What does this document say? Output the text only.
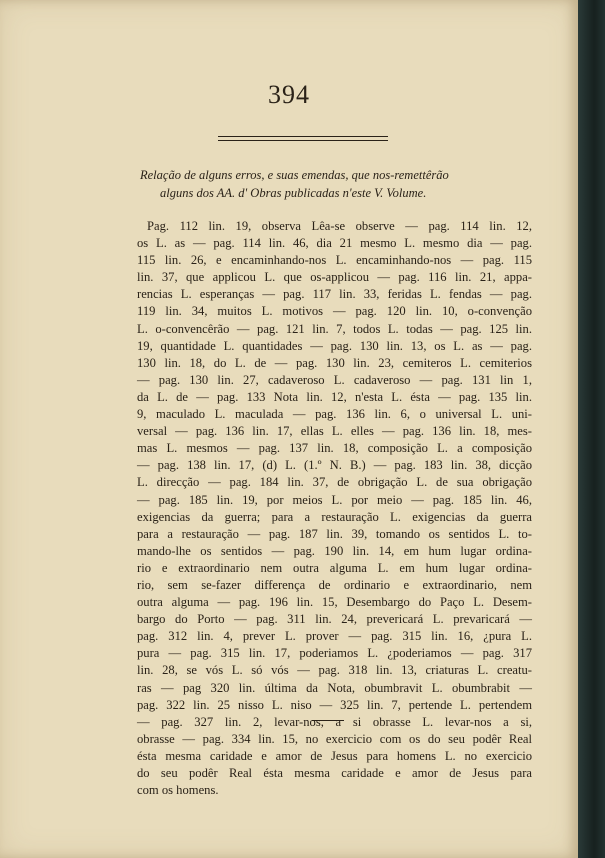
394
Relação de alguns erros, e suas emendas, que nos-remettêrão
alguns dos AA. d' Obras publicadas n'este V. Volume.
Pag. 112 lin. 19, observa Lêa-se observe — pag. 114 lin. 12,
os L. as — pag. 114 lin. 46, dia 21 mesmo L. mesmo dia — pag.
115 lin. 26, e encaminhando-nos L. encaminhando-nos — pag. 115
lin. 37, que applicou L. que os-applicou — pag. 116 lin. 21, appa-
rencias L. esperanças — pag. 117 lin. 33, feridas L. fendas — pag.
119 lin. 34, muitos L. motivos — pag. 120 lin. 10, o-convenção
L. o-convencêrão — pag. 121 lin. 7, todos L. todas — pag. 125 lin.
19, quantidade L. quantidades — pag. 130 lin. 13, os L. as — pag.
130 lin. 18, do L. de — pag. 130 lin. 23, cemiteros L. cemiterios
— pag. 130 lin. 27, cadaveroso L. cadaveroso — pag. 131 lin 1,
da L. de — pag. 133 Nota lin. 12, n'esta L. ésta — pag. 135 lin.
9, maculado L. maculada — pag. 136 lin. 6, o universal L. uni-
versal — pag. 136 lin. 17, ellas L. elles — pag. 136 lin. 18, mes-
mas L. mesmos — pag. 137 lin. 18, composição L. a composição
— pag. 138 lin. 17, (d) L. (1.º N. B.) — pag. 183 lin. 38, dicção
L. direcção — pag. 184 lin. 37, de obrigação L. de sua obrigação
— pag. 185 lin. 19, por meios L. por meio — pag. 185 lin. 46,
exigencias da guerra; para a restauração L. exigencias da guerra
para a restauração — pag. 187 lin. 39, tomando os sentidos L. to-
mando-lhe os sentidos — pag. 190 lin. 14, em hum lugar ordina-
rio e extraordinario nem outra alguma L. em hum lugar ordina-
rio, sem se-fazer differença de ordinario e extraordinario, nem
outra alguma — pag. 196 lin. 15, Desembargo do Paço L. Desem-
bargo do Porto — pag. 311 lin. 24, prevericará L. prevaricará —
pag. 312 lin. 4, prever L. prover — pag. 315 lin. 16, ¿pura L.
pura — pag. 315 lin. 17, poderiamos L. ¿poderiamos — pag. 317
lin. 28, se vós L. só vós — pag. 318 lin. 13, criaturas L. creatu-
ras — pag 320 lin. última da Nota, obumbravit L. obumbrabit —
pag. 322 lin. 25 nisso L. niso — 325 lin. 7, pertende L. pertendem
— pag. 327 lin. 2, levar-nos, a si obrasse L. levar-nos a si,
obrasse — pag. 334 lin. 15, no exercicio com os do seu podêr Real
ésta mesma caridade e amor de Jesus para homens L. no exercicio
do seu podêr Real ésta mesma caridade e amor de Jesus para
com os homens.
